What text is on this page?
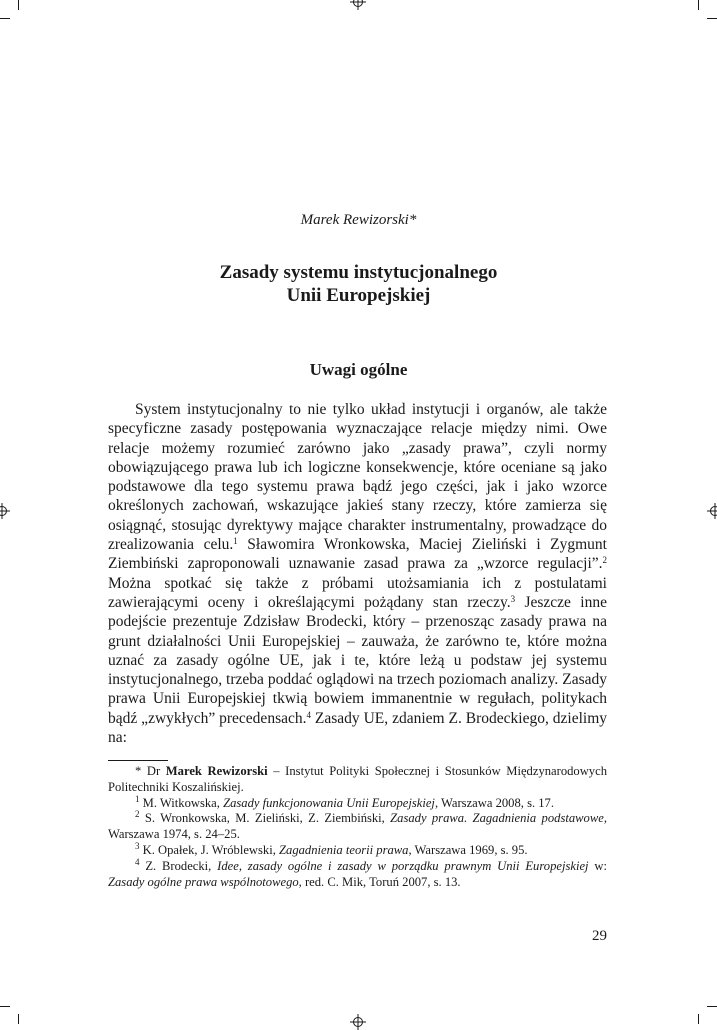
Marek Rewizorski*
Zasady systemu instytucjonalnego
Unii Europejskiej
Uwagi ogólne

System instytucjonalny to nie tylko układ instytucji i organów, ale także specyficzne zasady postępowania wyznaczające relacje między nimi. Owe relacje możemy rozumieć zarówno jako „zasady prawa”, czyli normy obowiązującego prawa lub ich logiczne konsekwencje, które oceniane są jako podstawowe dla tego systemu prawa bądź jego części, jak i jako wzorce określonych zachowań, wskazujące jakieś stany rzeczy, które zamierza się osiągnąć, stosując dyrektywy mające charakter instrumentalny, prowadzące do zrealizowania celu.$^1$ Sławomira Wronkowska, Maciej Zieliński i Zygmunt Ziembiński zaproponowali uznawanie zasad prawa za „wzorce regulacji”.$^2$ Można spotkać się także z próbami utożsamiania ich z postulatami zawierającymi oceny i określającymi pożądany stan rzeczy.$^3$ Jeszcze inne podejście prezentuje Zdzisław Brodecki, który – przenosząc zasady prawa na grunt działalności Unii Europejskiej – zauważa, że zarówno te, które można uznać za zasady ogólne UE, jak i te, które leżą u podstaw jej systemu instytucjonalnego, trzeba poddać oglądowi na trzech poziomach analizy. Zasady prawa Unii Europejskiej tkwią bowiem immanentnie w regułach, politykach bądź „zwykłych” precedensach.$^4$ Zasady UE, zdaniem Z. Brodeckiego, dzielimy na:

* Dr Marek Rewizorski – Instytut Polityki Społecznej i Stosunków Międzynarodowych Politechniki Koszalińskiej.

$^1$ M. Witkowska, Zasady funkcjonowania Unii Europejskiej, Warszawa 2008, s. 17.

$^2$ S. Wronkowska, M. Zieliński, Z. Ziembiński, Zasady prawa. Zagadnienia podstawowe, Warszawa 1974, s. 24–25.

$^3$ K. Opałek, J. Wróblewski, Zagadnienia teorii prawa, Warszawa 1969, s. 95.

$^4$ Z. Brodecki, Idee, zasady ogólne i zasady w porządku prawnym Unii Europejskiej w: Zasady ogólne prawa wspólnotowego, red. C. Mik, Toruń 2007, s. 13.

29
